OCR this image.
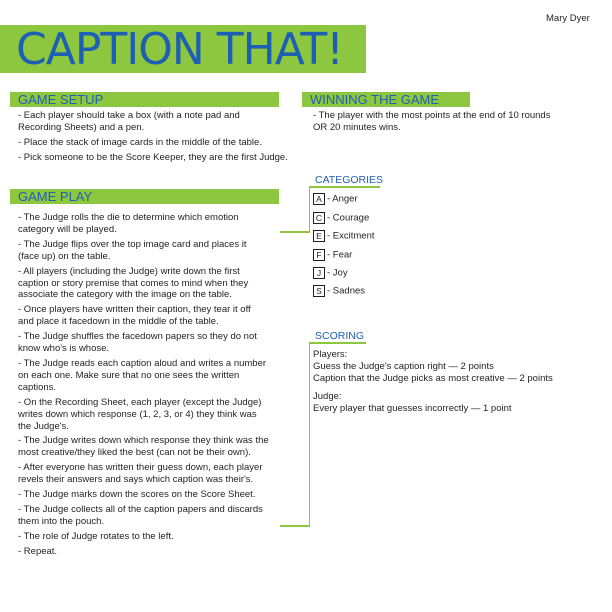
Mary Dyer
CAPTION THAT!
GAME SETUP
- Each player should take a box (with a note pad and
Recording Sheets) and a pen.
- Place the stack of image cards in the middle of the table.
- Pick someone to be the Score Keeper, they are the first Judge.
GAME PLAY
- The Judge rolls the die to determine which emotion
category will be played.
- The Judge flips over the top image card and places it
(face up) on the table.
- All players (including the Judge) write down the first
caption or story premise that comes to mind when they
associate the category with the image on the table.
- Once players have written their caption, they tear it off
and place it facedown in the middle of the table.
- The Judge shuffles the facedown papers so they do not
know who's is whose.
- The Judge reads each caption aloud and writes a number
on each one. Make sure that no one sees the written
captions.
- On the Recording Sheet, each player (except the Judge)
writes down which response (1, 2, 3, or 4) they think was
the Judge's.
- The Judge writes down which response they think was the
most creative/they liked the best (can not be their own).
- After everyone has written their guess down, each player
revels their answers and says which caption was their's.
- The Judge marks down the scores on the Score Sheet.
- The Judge collects all of the caption papers and discards
them into the pouch.
- The role of Judge rotates to the left.
- Repeat.
WINNING THE GAME
- The player with the most points at the end of 10 rounds
OR 20 minutes wins.
CATEGORIES
A - Anger
C - Courage
E - Excitment
F - Fear
J - Joy
S - Sadnes
SCORING
Players:
Guess the Judge's caption right — 2 points
Caption that the Judge picks as most creative — 2 points
Judge:
Every player that guesses incorrectly — 1 point
